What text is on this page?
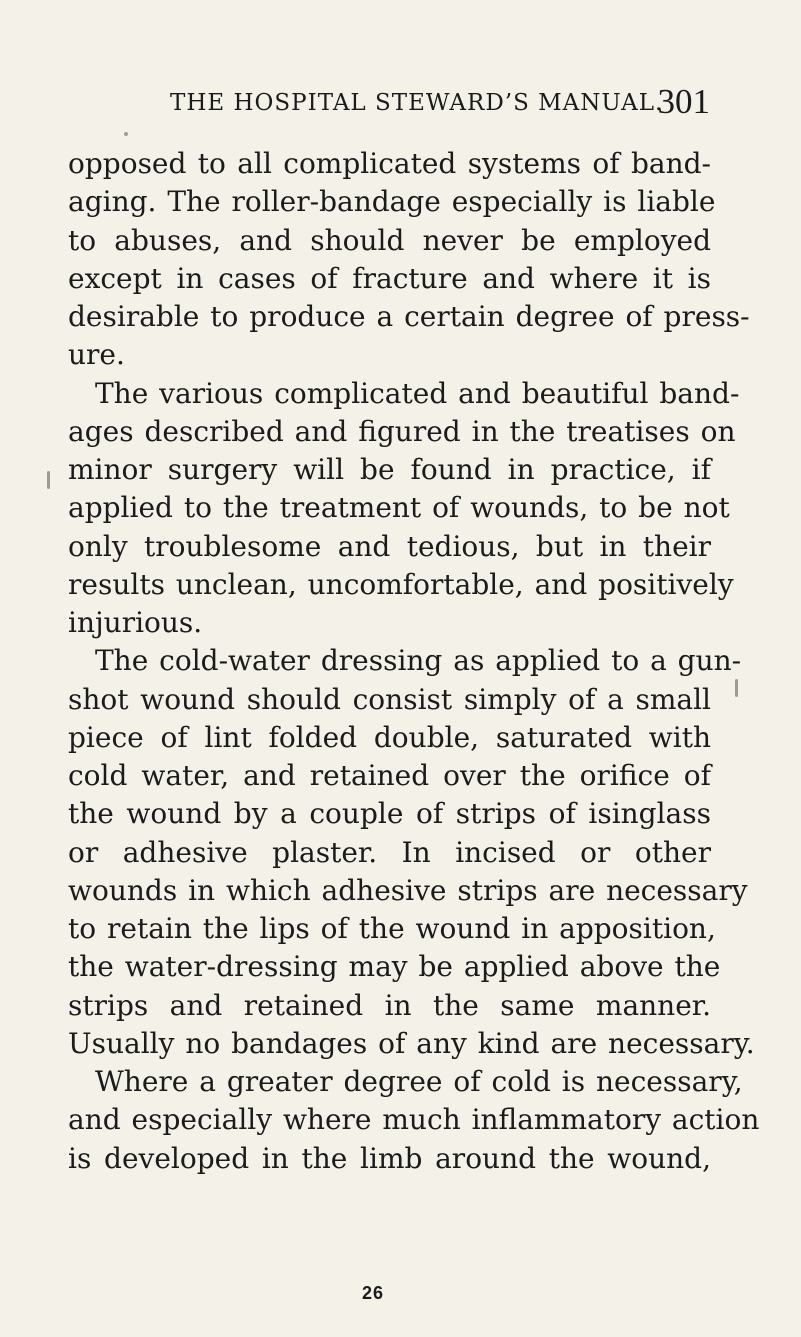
THE HOSPITAL STEWARD’S MANUAL.
301
opposed to all complicated systems of band-
aging. The roller-bandage especially is liable
to abuses, and should never be employed
except in cases of fracture and where it is
desirable to produce a certain degree of press-
ure.
The various complicated and beautiful band-
ages described and figured in the treatises on
minor surgery will be found in practice, if
applied to the treatment of wounds, to be not
only troublesome and tedious, but in their
results unclean, uncomfortable, and positively
injurious.
The cold-water dressing as applied to a gun-
shot wound should consist simply of a small
piece of lint folded double, saturated with
cold water, and retained over the orifice of
the wound by a couple of strips of isinglass
or adhesive plaster. In incised or other
wounds in which adhesive strips are necessary
to retain the lips of the wound in apposition,
the water-dressing may be applied above the
strips and retained in the same manner.
Usually no bandages of any kind are necessary.
Where a greater degree of cold is necessary,
and especially where much inflammatory action
is developed in the limb around the wound,
26
